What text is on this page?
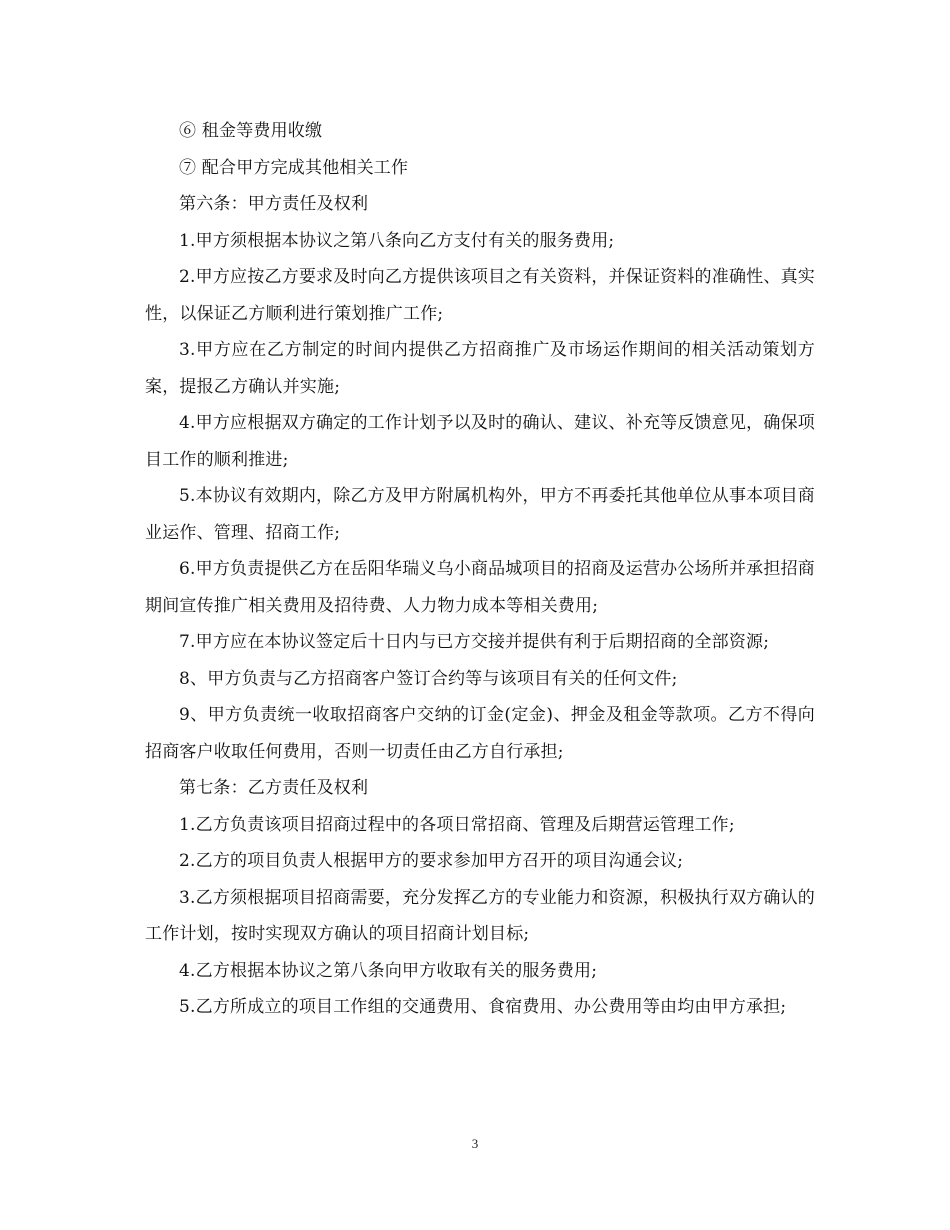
⑥ 租金等费用收缴

⑦ 配合甲方完成其他相关工作

第六条：甲方责任及权利

1.甲方须根据本协议之第八条向乙方支付有关的服务费用;

2.甲方应按乙方要求及时向乙方提供该项目之有关资料，并保证资料的准确性、真实性，以保证乙方顺利进行策划推广工作;

3.甲方应在乙方制定的时间内提供乙方招商推广及市场运作期间的相关活动策划方案，提报乙方确认并实施;

4.甲方应根据双方确定的工作计划予以及时的确认、建议、补充等反馈意见，确保项目工作的顺利推进;

5.本协议有效期内，除乙方及甲方附属机构外，甲方不再委托其他单位从事本项目商业运作、管理、招商工作;

6.甲方负责提供乙方在岳阳华瑞义乌小商品城项目的招商及运营办公场所并承担招商期间宣传推广相关费用及招待费、人力物力成本等相关费用;

7.甲方应在本协议签定后十日内与已方交接并提供有利于后期招商的全部资源;

8、甲方负责与乙方招商客户签订合约等与该项目有关的任何文件;

9、甲方负责统一收取招商客户交纳的订金(定金)、押金及租金等款项。乙方不得向招商客户收取任何费用，否则一切责任由乙方自行承担;

第七条：乙方责任及权利

1.乙方负责该项目招商过程中的各项日常招商、管理及后期营运管理工作;

2.乙方的项目负责人根据甲方的要求参加甲方召开的项目沟通会议;

3.乙方须根据项目招商需要，充分发挥乙方的专业能力和资源，积极执行双方确认的工作计划，按时实现双方确认的项目招商计划目标;

4.乙方根据本协议之第八条向甲方收取有关的服务费用;

5.乙方所成立的项目工作组的交通费用、食宿费用、办公费用等由均由甲方承担;

3
